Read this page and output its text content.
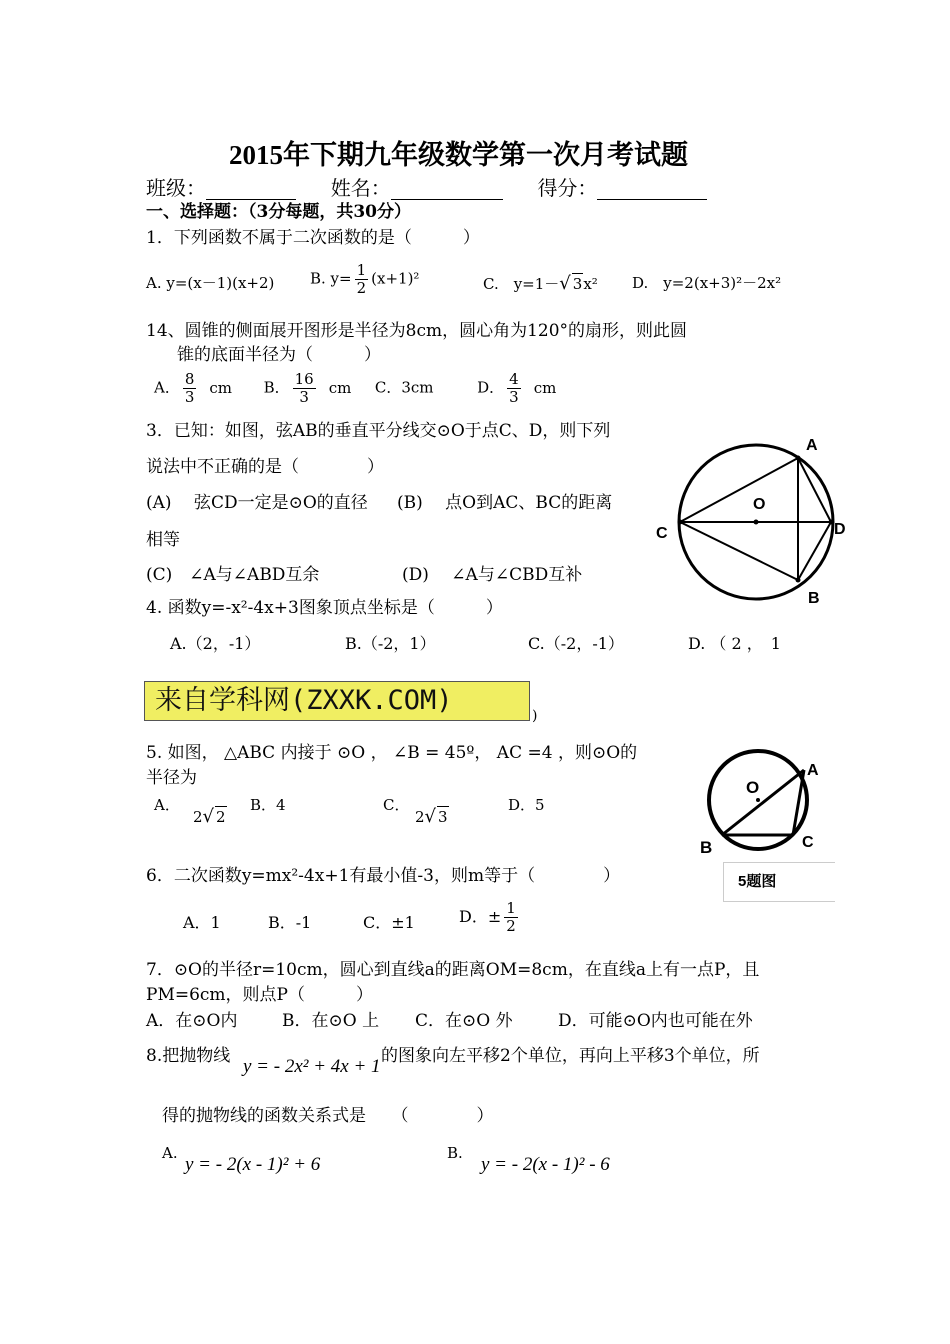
2015年下期九年级数学第一次月考试题
班级：	姓名：	得分：
一、选择题：（3分每题，共30分）
1．下列函数不属于二次函数的是（　　　）
A. y=(x－1)(x+2) B. $y= \frac{1}{2} (x+1)^2$	C.　y=1－√ 3x² D.　y=2(x+3)²－2x²
14、圆锥的侧面展开图形是半径为8cm，圆心角为120°的扇形，则此圆
锥的底面半径为（　　　）
A． $\frac{8}{3}$ cm B． $\frac{16}{3}$ cm C．3cm	D． $\frac{4}{3}$ cm
3．已知：如图，弦AB的垂直平分线交⊙O于点C、D，则下列
说法中不正确的是（　　　　）
(A)　 弦CD一定是⊙O的直径 (B)　 点O到AC、BC的距离
相等
(C)　∠A与∠ABD互余	(D)　 ∠A与∠CBD互补
A
O
C	D
B
4. 函数y=-x²-4x+3图象顶点坐标是（　　　）
A.（2，-1）	B.（-2，1）	C.（-2，-1）	D. （ 2 ，　1
来自学科网(ZXXK.COM)	)
5. 如图， △ABC 内接于 ⊙O ， ∠B = 45º， AC =4 ，则⊙O的
半径为
A．
2√ 2
B．4	C．
2√ 3
D．5
O
A
B	C
5题图
6．二次函数y=mx²-4x+1有最小值-3，则m等于（　　　　）
A．1	B．-1	C．±1	D．± $\frac{1}{2}$
7．⊙O的半径r=10cm，圆心到直线a的距离OM=8cm，在直线a上有一点P，且
PM=6cm，则点P（　　　）
A．在⊙O内	B．在⊙O 上 C．在⊙O 外	D．可能⊙O内也可能在外
8.把抛物线 y = - 2x² + 4x + 1 的图象向左平移2个单位，再向上平移3个单位，所
得的抛物线的函数关系式是　　（　　　　）
A.
y = - 2(x - 1)² + 6
B.
y = - 2(x - 1)² - 6
